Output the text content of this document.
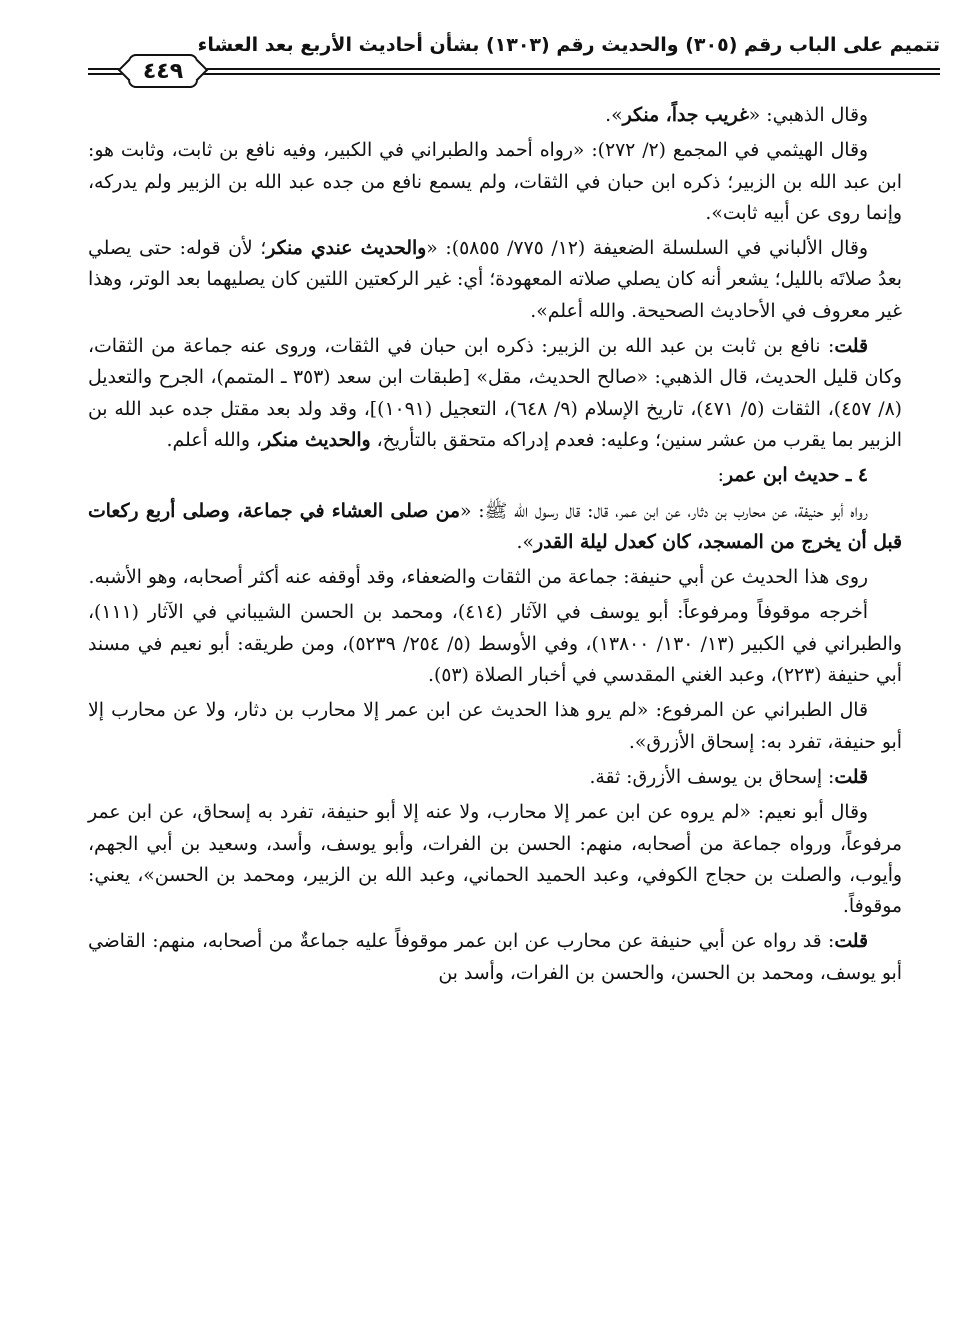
تتميم على الباب رقم (٣٠٥) والحديث رقم (١٣٠٣) بشأن أحاديث الأربع بعد العشاء
٤٤٩

وقال الذهبي: «غريب جداً، منكر».

وقال الهيثمي في المجمع (٢/ ٢٧٢): «رواه أحمد والطبراني في الكبير، وفيه نافع بن ثابت، وثابت هو: ابن عبد الله بن الزبير؛ ذكره ابن حبان في الثقات، ولم يسمع نافع من جده عبد الله بن الزبير ولم يدركه، وإنما روى عن أبيه ثابت».

وقال الألباني في السلسلة الضعيفة (١٢/ ٧٧٥/ ٥٨٥٥): «والحديث عندي منكر؛ لأن قوله: حتى يصلي بعدُ صلاتَه بالليل؛ يشعر أنه كان يصلي صلاته المعهودة؛ أي: غير الركعتين اللتين كان يصليهما بعد الوتر، وهذا غير معروف في الأحاديث الصحيحة. والله أعلم».

قلت: نافع بن ثابت بن عبد الله بن الزبير: ذكره ابن حبان في الثقات، وروى عنه جماعة من الثقات، وكان قليل الحديث، قال الذهبي: «صالح الحديث، مقل» [طبقات ابن سعد (٣٥٣ ـ المتمم)، الجرح والتعديل (٨/ ٤٥٧)، الثقات (٥/ ٤٧١)، تاريخ الإسلام (٩/ ٦٤٨)، التعجيل (١٠٩١)]، وقد ولد بعد مقتل جده عبد الله بن الزبير بما يقرب من عشر سنين؛ وعليه: فعدم إدراكه متحقق بالتأريخ، والحديث منكر، والله أعلم.

٤ ـ حديث ابن عمر:

رواه أبو حنيفة، عن محارب بن دثار، عن ابن عمر، قال: قال رسول الله ﷺ: «من صلى العشاء في جماعة، وصلى أربع ركعات قبل أن يخرج من المسجد، كان كعدل ليلة القدر».

روى هذا الحديث عن أبي حنيفة: جماعة من الثقات والضعفاء، وقد أوقفه عنه أكثر أصحابه، وهو الأشبه.

أخرجه موقوفاً ومرفوعاً: أبو يوسف في الآثار (٤١٤)، ومحمد بن الحسن الشيباني في الآثار (١١١)، والطبراني في الكبير (١٣/ ١٣٠/ ١٣٨٠٠)، وفي الأوسط (٥/ ٢٥٤/ ٥٢٣٩)، ومن طريقه: أبو نعيم في مسند أبي حنيفة (٢٢٣)، وعبد الغني المقدسي في أخبار الصلاة (٥٣).

قال الطبراني عن المرفوع: «لم يرو هذا الحديث عن ابن عمر إلا محارب بن دثار، ولا عن محارب إلا أبو حنيفة، تفرد به: إسحاق الأزرق».

قلت: إسحاق بن يوسف الأزرق: ثقة.

وقال أبو نعيم: «لم يروه عن ابن عمر إلا محارب، ولا عنه إلا أبو حنيفة، تفرد به إسحاق، عن ابن عمر مرفوعاً، ورواه جماعة من أصحابه، منهم: الحسن بن الفرات، وأبو يوسف، وأسد، وسعيد بن أبي الجهم، وأيوب، والصلت بن حجاج الكوفي، وعبد الحميد الحماني، وعبد الله بن الزبير، ومحمد بن الحسن»، يعني: موقوفاً.

قلت: قد رواه عن أبي حنيفة عن محارب عن ابن عمر موقوفاً عليه جماعةٌ من أصحابه، منهم: القاضي أبو يوسف، ومحمد بن الحسن، والحسن بن الفرات، وأسد بن
